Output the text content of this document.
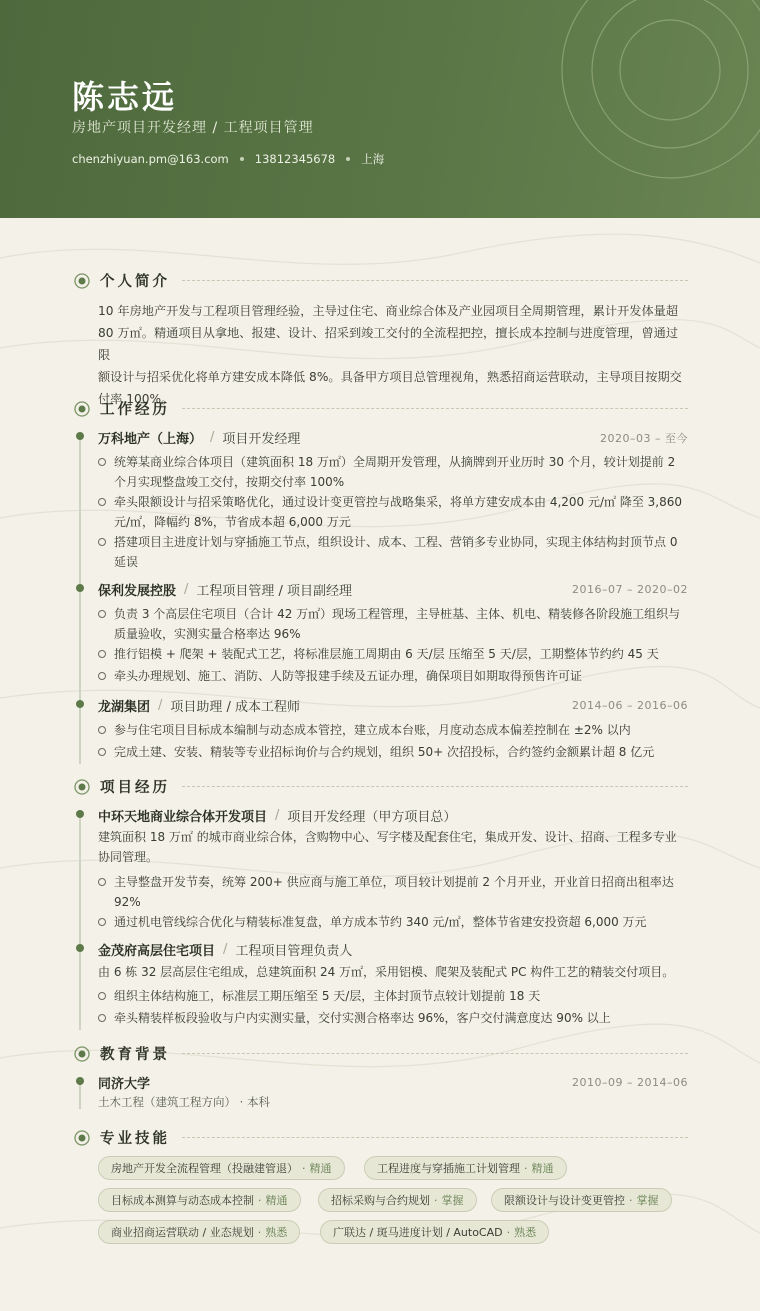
陈志远
房地产项目开发经理 / 工程项目管理
chenzhiyuan.pm@163.com 13812345678 上海
个人简介
10 年房地产开发与工程项目管理经验，主导过住宅、商业综合体及产业园项目全周期管理，累计开发体量超
80 万㎡。精通项目从拿地、报建、设计、招采到竣工交付的全流程把控，擅长成本控制与进度管理，曾通过限
额设计与招采优化将单方建安成本降低 8%。具备甲方项目总管理视角，熟悉招商运营联动，主导项目按期交
付率 100%。
工作经历
万科地产（上海） / 项目开发经理	2020–03 – 至今
统筹某商业综合体项目（建筑面积 18 万㎡）全周期开发管理，从摘牌到开业历时 30 个月，较计划提前 2
个月实现整盘竣工交付，按期交付率 100%
牵头限额设计与招采策略优化，通过设计变更管控与战略集采，将单方建安成本由 4,200 元/㎡ 降至 3,860
元/㎡，降幅约 8%，节省成本超 6,000 万元
搭建项目主进度计划与穿插施工节点，组织设计、成本、工程、营销多专业协同，实现主体结构封顶节点 0
延误
保利发展控股 / 工程项目管理 / 项目副经理	2016–07 – 2020–02
负责 3 个高层住宅项目（合计 42 万㎡）现场工程管理，主导桩基、主体、机电、精装修各阶段施工组织与
质量验收，实测实量合格率达 96%
推行铝模 + 爬架 + 装配式工艺，将标准层施工周期由 6 天/层 压缩至 5 天/层，工期整体节约约 45 天
牵头办理规划、施工、消防、人防等报建手续及五证办理，确保项目如期取得预售许可证
龙湖集团 / 项目助理 / 成本工程师	2014–06 – 2016–06
参与住宅项目目标成本编制与动态成本管控，建立成本台账，月度动态成本偏差控制在 ±2% 以内
完成土建、安装、精装等专业招标询价与合约规划，组织 50+ 次招投标，合约签约金额累计超 8 亿元
项目经历
中环天地商业综合体开发项目 / 项目开发经理（甲方项目总）
建筑面积 18 万㎡ 的城市商业综合体，含购物中心、写字楼及配套住宅，集成开发、设计、招商、工程多专业
协同管理。
主导整盘开发节奏，统筹 200+ 供应商与施工单位，项目较计划提前 2 个月开业，开业首日招商出租率达
92%
通过机电管线综合优化与精装标准复盘，单方成本节约 340 元/㎡，整体节省建安投资超 6,000 万元
金茂府高层住宅项目 / 工程项目管理负责人
由 6 栋 32 层高层住宅组成，总建筑面积 24 万㎡，采用铝模、爬架及装配式 PC 构件工艺的精装交付项目。
组织主体结构施工，标准层工期压缩至 5 天/层，主体封顶节点较计划提前 18 天
牵头精装样板段验收与户内实测实量，交付实测合格率达 96%，客户交付满意度达 90% 以上
教育背景
同济大学	2010–09 – 2014–06
土木工程（建筑工程方向） · 本科
专业技能
房地产开发全流程管理（投融建管退） · 精通	工程进度与穿插施工计划管理 · 精通
目标成本测算与动态成本控制 · 精通	招标采购与合约规划 · 掌握	限额设计与设计变更管控 · 掌握
商业招商运营联动 / 业态规划 · 熟悉	广联达 / 斑马进度计划 / AutoCAD · 熟悉
